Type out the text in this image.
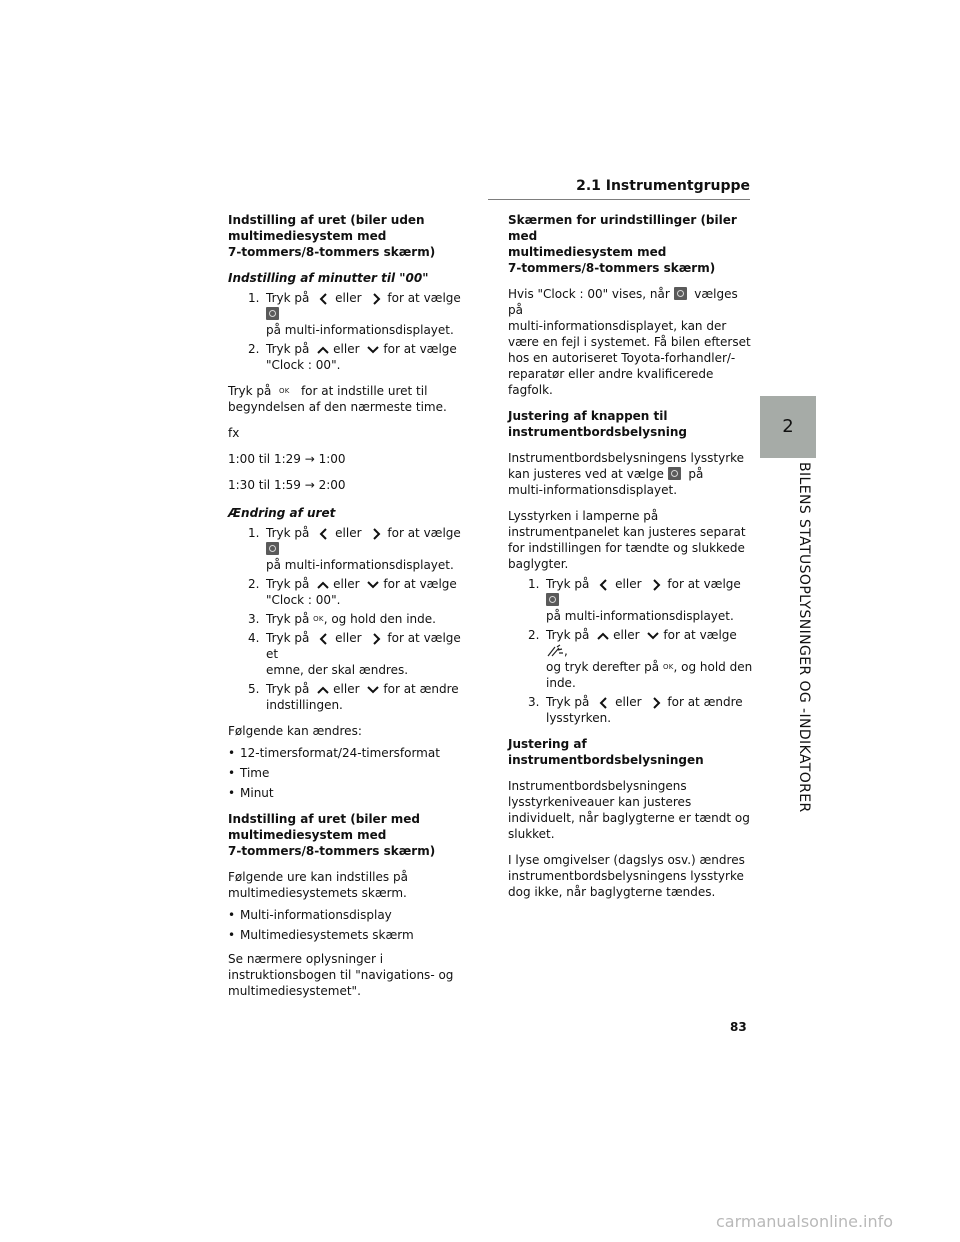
2.1 Instrumentgruppe
2
BILENS STATUSOPLYSNINGER OG -INDIKATORER

Indstilling af uret (biler uden
multimediesystem med
7-tommers/8-tommers skærm)

Indstilling af minutter til "00"

1. Tryk på eller for at vælge
på multi-informationsdisplayet.
2. Tryk på eller for at vælge
"Clock : 00".

Tryk på OK for at indstille uret til
begyndelsen af den nærmeste time.

fx

1:00 til 1:29 → 1:00

1:30 til 1:59 → 2:00

Ændring af uret

1. Tryk på eller for at vælge
på multi-informationsdisplayet.
2. Tryk på eller for at vælge
"Clock : 00".
3. Tryk på OK, og hold den inde.
4. Tryk på eller for at vælge et
emne, der skal ændres.
5. Tryk på eller for at ændre
indstillingen.

Følgende kan ændres:

• 12-timersformat/24-timersformat
• Time
• Minut

Indstilling af uret (biler med
multimediesystem med
7-tommers/8-tommers skærm)

Følgende ure kan indstilles på
multimediesystemets skærm.

• Multi-informationsdisplay
• Multimediesystemets skærm

Se nærmere oplysninger i
instruktionsbogen til "navigations- og
multimediesystemet".

Skærmen for urindstillinger (biler med
multimediesystem med
7-tommers/8-tommers skærm)

Hvis "Clock : 00" vises, når vælges på
multi-informationsdisplayet, kan der
være en fejl i systemet. Få bilen efterset
hos en autoriseret Toyota-forhandler/-
reparatør eller andre kvalificerede
fagfolk.

Justering af knappen til
instrumentbordsbelysning

Instrumentbordsbelysningens lysstyrke
kan justeres ved at vælge på
multi-informationsdisplayet.

Lysstyrken i lamperne på
instrumentpanelet kan justeres separat
for indstillingen for tændte og slukkede
baglygter.

1. Tryk på eller for at vælge
på multi-informationsdisplayet.
2. Tryk på eller for at vælge ,
og tryk derefter på OK, og hold den
inde.
3. Tryk på eller for at ændre
lysstyrken.

Justering af
instrumentbordsbelysningen

Instrumentbordsbelysningens
lysstyrkeniveauer kan justeres
individuelt, når baglygterne er tændt og
slukket.

I lyse omgivelser (dagslys osv.) ændres
instrumentbordsbelysningens lysstyrke
dog ikke, når baglygterne tændes.

83
carmanualsonline.info
